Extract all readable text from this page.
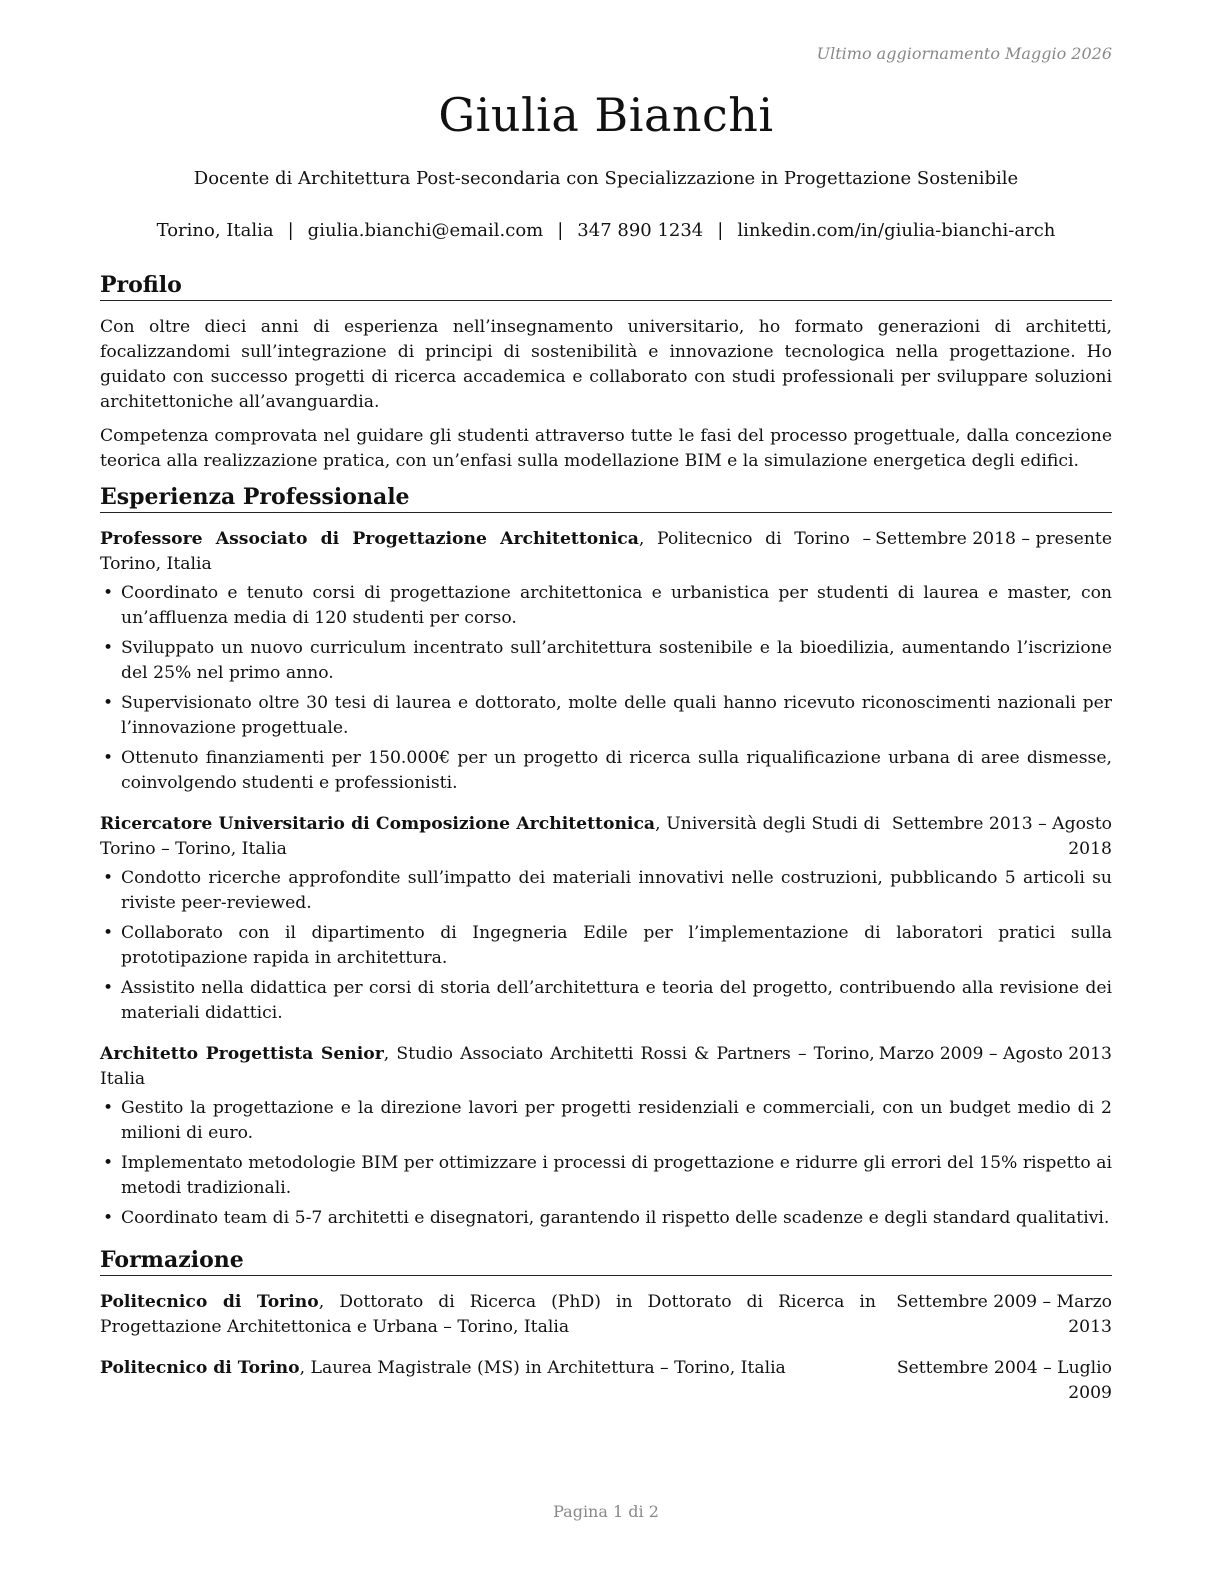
Ultimo aggiornamento Maggio 2026
Giulia Bianchi
Docente di Architettura Post-secondaria con Specializzazione in Progettazione Sostenibile
Torino, Italia | giulia.bianchi@email.com | 347 890 1234 | linkedin.com/in/giulia-bianchi-arch
Profilo

Con oltre dieci anni di esperienza nell’insegnamento universitario, ho formato generazioni di architetti, focalizzandomi sull’integrazione di principi di sostenibilità e innovazione tecnologica nella progettazione. Ho guidato con successo progetti di ricerca accademica e collaborato con studi professionali per sviluppare soluzioni architettoniche all’avanguardia.

Competenza comprovata nel guidare gli studenti attraverso tutte le fasi del processo progettuale, dalla concezione teorica alla realizzazione pratica, con un’enfasi sulla modellazione BIM e la simulazione energetica degli edifici.

Esperienza Professionale
Professore Associato di Progettazione Architettonica, Politecnico di Torino – Torino, Italia
Settembre 2018 – presente
• Coordinato e tenuto corsi di progettazione architettonica e urbanistica per studenti di laurea e master, con un’affluenza media di 120 studenti per corso.
• Sviluppato un nuovo curriculum incentrato sull’architettura sostenibile e la bioedilizia, aumentando l’iscrizione del 25% nel primo anno.
• Supervisionato oltre 30 tesi di laurea e dottorato, molte delle quali hanno ricevuto riconoscimenti nazionali per l’innovazione progettuale.
• Ottenuto finanziamenti per 150.000€ per un progetto di ricerca sulla riqualificazione urbana di aree dismesse, coinvolgendo studenti e professionisti.
Ricercatore Universitario di Composizione Architettonica, Università degli Studi di Torino – Torino, Italia
Settembre 2013 – Agosto 2018
• Condotto ricerche approfondite sull’impatto dei materiali innovativi nelle costruzioni, pubblicando 5 articoli su riviste peer-reviewed.
• Collaborato con il dipartimento di Ingegneria Edile per l’implementazione di laboratori pratici sulla prototipazione rapida in architettura.
• Assistito nella didattica per corsi di storia dell’architettura e teoria del progetto, contribuendo alla revisione dei materiali didattici.
Architetto Progettista Senior, Studio Associato Architetti Rossi & Partners – Torino, Italia
Marzo 2009 – Agosto 2013
• Gestito la progettazione e la direzione lavori per progetti residenziali e commerciali, con un budget medio di 2 milioni di euro.
• Implementato metodologie BIM per ottimizzare i processi di progettazione e ridurre gli errori del 15% rispetto ai metodi tradizionali.
• Coordinato team di 5-7 architetti e disegnatori, garantendo il rispetto delle scadenze e degli standard qualitativi.
Formazione
Politecnico di Torino, Dottorato di Ricerca (PhD) in Dottorato di Ricerca in Progettazione Architettonica e Urbana – Torino, Italia
Settembre 2009 – Marzo 2013
Politecnico di Torino, Laurea Magistrale (MS) in Architettura – Torino, Italia	Settembre 2004 – Luglio 2009
Pagina 1 di 2
